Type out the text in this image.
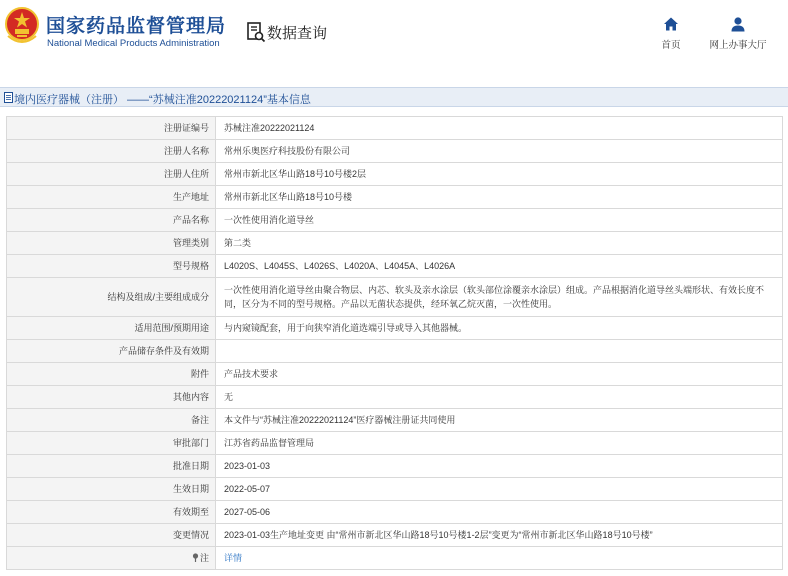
国家药品监督管理局
National Medical Products Administration
数据查询
首页	网上办事大厅
境内医疗器械（注册） ——“苏械注准20222021124”基本信息
注册证编号	苏械注准20222021124
注册人名称	常州乐奥医疗科技股份有限公司
注册人住所	常州市新北区华山路18号10号楼2层
生产地址	常州市新北区华山路18号10号楼
产品名称	一次性使用消化道导丝
管理类别	第二类
型号规格	L4020S、L4045S、L4026S、L4020A、L4045A、L4026A
结构及组成/主要组成成分	一次性使用消化道导丝由聚合物层、内芯、软头及亲水涂层（软头部位涂覆亲水涂层）组成。产品根据消化道导丝头端形状、有效长度不同，区分为不同的型号规格。产品以无菌状态提供，经环氧乙烷灭菌，一次性使用。
适用范围/预期用途	与内窥镜配套，用于向狭窄消化道选端引导或导入其他器械。
产品储存条件及有效期	
附件	产品技术要求
其他内容	无
备注	本文件与“苏械注准20222021124”医疗器械注册证共同使用
审批部门	江苏省药品监督管理局
批准日期	2023-01-03
生效日期	2022-05-07
有效期至	2027-05-06
变更情况	2023-01-03生产地址变更 由“常州市新北区华山路18号10号楼1-2层”变更为“常州市新北区华山路18号10号楼”
注	详情
